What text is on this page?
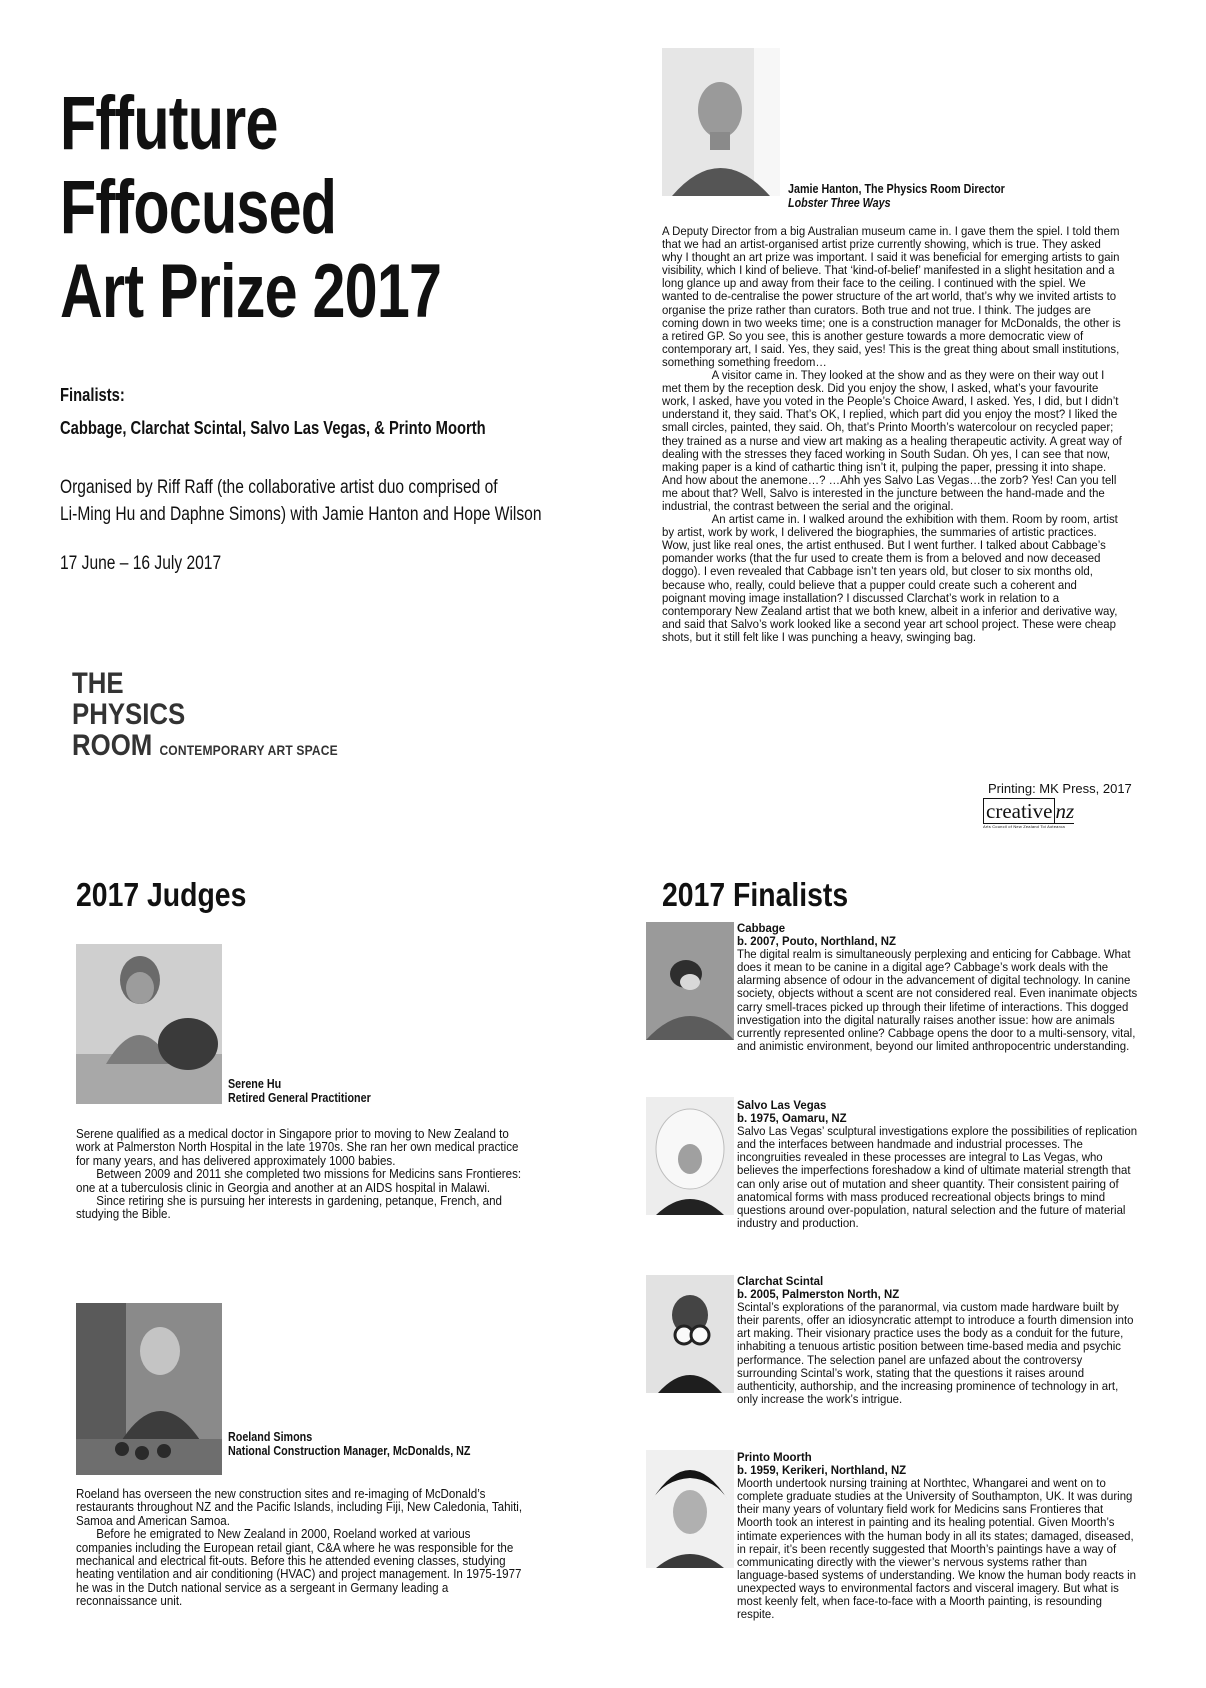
Fffuture
Fffocused
Art Prize 2017
Finalists:
Cabbage, Clarchat Scintal, Salvo Las Vegas, & Printo Moorth
Organised by Riff Raff (the collaborative artist duo comprised of
Li-Ming Hu and Daphne Simons) with Jamie Hanton and Hope Wilson
17 June – 16 July 2017
THE
PHYSICS
ROOM CONTEMPORARY ART SPACE
Jamie Hanton, The Physics Room Director
Lobster Three Ways

A Deputy Director from a big Australian museum came in. I gave them the spiel. I told them that we had an artist-organised artist prize currently showing, which is true. They asked why I thought an art prize was important. I said it was beneficial for emerging artists to gain visibility, which I kind of believe. That ‘kind-of-belief’ manifested in a slight hesitation and a long glance up and away from their face to the ceiling. I continued with the spiel. We wanted to de-centralise the power structure of the art world, that’s why we invited artists to organise the prize rather than curators. Both true and not true. I think. The judges are coming down in two weeks time; one is a construction manager for McDonalds, the other is a retired GP. So you see, this is another gesture towards a more democratic view of contemporary art, I said. Yes, they said, yes! This is the great thing about small institutions, something something freedom…

A visitor came in. They looked at the show and as they were on their way out I met them by the reception desk. Did you enjoy the show, I asked, what’s your favourite work, I asked, have you voted in the People’s Choice Award, I asked. Yes, I did, but I didn’t understand it, they said. That’s OK, I replied, which part did you enjoy the most? I liked the small circles, painted, they said. Oh, that’s Printo Moorth’s watercolour on recycled paper; they trained as a nurse and view art making as a healing therapeutic activity. A great way of dealing with the stresses they faced working in South Sudan. Oh yes, I can see that now, making paper is a kind of cathartic thing isn’t it, pulping the paper, pressing it into shape. And how about the anemone…? …Ahh yes Salvo Las Vegas…the zorb? Yes! Can you tell me about that? Well, Salvo is interested in the juncture between the hand-made and the industrial, the contrast between the serial and the original.

An artist came in. I walked around the exhibition with them. Room by room, artist by artist, work by work, I delivered the biographies, the summaries of artistic practices. Wow, just like real ones, the artist enthused. But I went further. I talked about Cabbage’s pomander works (that the fur used to create them is from a beloved and now deceased doggo). I even revealed that Cabbage isn’t ten years old, but closer to six months old, because who, really, could believe that a pupper could create such a coherent and poignant moving image installation? I discussed Clarchat’s work in relation to a contemporary New Zealand artist that we both knew, albeit in a inferior and derivative way, and said that Salvo’s work looked like a second year art school project. These were cheap shots, but it still felt like I was punching a heavy, swinging bag.

Printing: MK Press, 2017
creative nz
Arts Council of New Zealand Toi Aotearoa
2017 Judges
Serene Hu
Retired General Practitioner

Serene qualified as a medical doctor in Singapore prior to moving to New Zealand to work at Palmerston North Hospital in the late 1970s. She ran her own medical practice for many years, and has delivered approximately 1000 babies.

Between 2009 and 2011 she completed two missions for Medicins sans Frontieres: one at a tuberculosis clinic in Georgia and another at an AIDS hospital in Malawi.

Since retiring she is pursuing her interests in gardening, petanque, French, and studying the Bible.

Roeland Simons
National Construction Manager, McDonalds, NZ

Roeland has overseen the new construction sites and re-imaging of McDonald’s restaurants throughout NZ and the Pacific Islands, including Fiji, New Caledonia, Tahiti, Samoa and American Samoa.

Before he emigrated to New Zealand in 2000, Roeland worked at various companies including the European retail giant, C&A where he was responsible for the mechanical and electrical fit-outs. Before this he attended evening classes, studying heating ventilation and air conditioning (HVAC) and project management. In 1975-1977 he was in the Dutch national service as a sergeant in Germany leading a reconnaissance unit.

2017 Finalists
Cabbage
b. 2007, Pouto, Northland, NZ
The digital realm is simultaneously perplexing and enticing for Cabbage. What does it mean to be canine in a digital age? Cabbage’s work deals with the alarming absence of odour in the advancement of digital technology. In canine society, objects without a scent are not considered real. Even inanimate objects carry smell-traces picked up through their lifetime of interactions. This dogged investigation into the digital naturally raises another issue: how are animals currently represented online? Cabbage opens the door to a multi-sensory, vital, and animistic environment, beyond our limited anthropocentric understanding.
Salvo Las Vegas
b. 1975, Oamaru, NZ
Salvo Las Vegas’ sculptural investigations explore the possibilities of replication and the interfaces between handmade and industrial processes. The incongruities revealed in these processes are integral to Las Vegas, who believes the imperfections foreshadow a kind of ultimate material strength that can only arise out of mutation and sheer quantity. Their consistent pairing of anatomical forms with mass produced recreational objects brings to mind questions around over-population, natural selection and the future of material industry and production.
Clarchat Scintal
b. 2005, Palmerston North, NZ
Scintal’s explorations of the paranormal, via custom made hardware built by their parents, offer an idiosyncratic attempt to introduce a fourth dimension into art making. Their visionary practice uses the body as a conduit for the future, inhabiting a tenuous artistic position between time-based media and psychic performance. The selection panel are unfazed about the controversy surrounding Scintal’s work, stating that the questions it raises around authenticity, authorship, and the increasing prominence of technology in art, only increase the work’s intrigue.
Printo Moorth
b. 1959, Kerikeri, Northland, NZ
Moorth undertook nursing training at Northtec, Whangarei and went on to complete graduate studies at the University of Southampton, UK. It was during their many years of voluntary field work for Medicins sans Frontieres that Moorth took an interest in painting and its healing potential. Given Moorth’s intimate experiences with the human body in all its states; damaged, diseased, in repair, it’s been recently suggested that Moorth’s paintings have a way of communicating directly with the viewer’s nervous systems rather than language-based systems of understanding. We know the human body reacts in unexpected ways to environmental factors and visceral imagery. But what is most keenly felt, when face-to-face with a Moorth painting, is resounding respite.
